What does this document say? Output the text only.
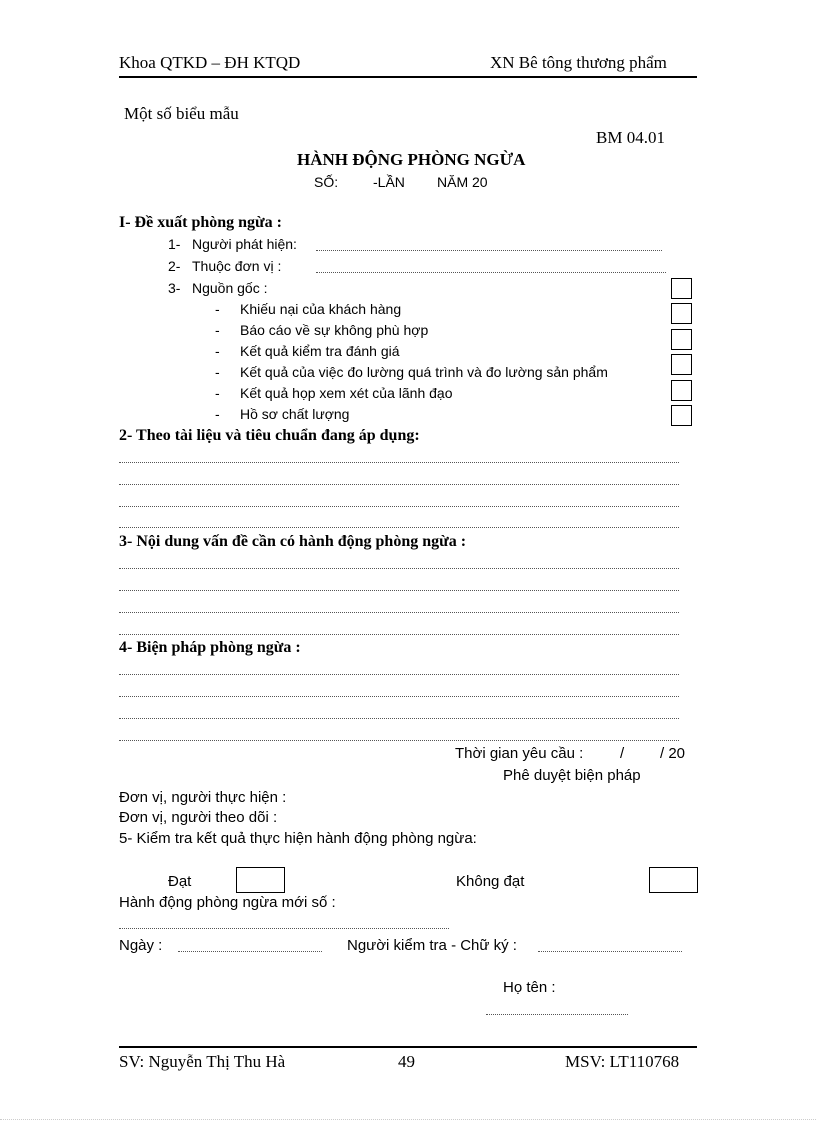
Khoa QTKD – ĐH KTQD	XN Bê tông thương phẩm
Một số biểu mẫu
BM 04.01
HÀNH ĐỘNG PHÒNG NGỪA
SỐ: -LẦN NĂM 20
I- Đề xuất phòng ngừa :
1- Người phát hiện:
2- Thuộc đơn vị :
3- Nguồn gốc :
- Khiếu nại của khách hàng
- Báo cáo về sự không phù hợp
- Kết quả kiểm tra đánh giá
- Kết quả của việc đo lường quá trình và đo lường sản phẩm
- Kết quả họp xem xét của lãnh đạo
- Hồ sơ chất lượng
2- Theo tài liệu và tiêu chuẩn đang áp dụng:
3- Nội dung vấn đề cần có hành động phòng ngừa :
4- Biện pháp phòng ngừa :
Thời gian yêu cầu : / / 20
Phê duyệt biện pháp
Đơn vị, người thực hiện :
Đơn vị, người theo dõi :
5- Kiểm tra kết quả thực hiện hành động phòng ngừa:
Đạt	Không đạt
Hành động phòng ngừa mới số :
Ngày :	Người kiểm tra - Chữ ký :
Họ tên :
SV: Nguyễn Thị Thu Hà	49	MSV: LT110768
